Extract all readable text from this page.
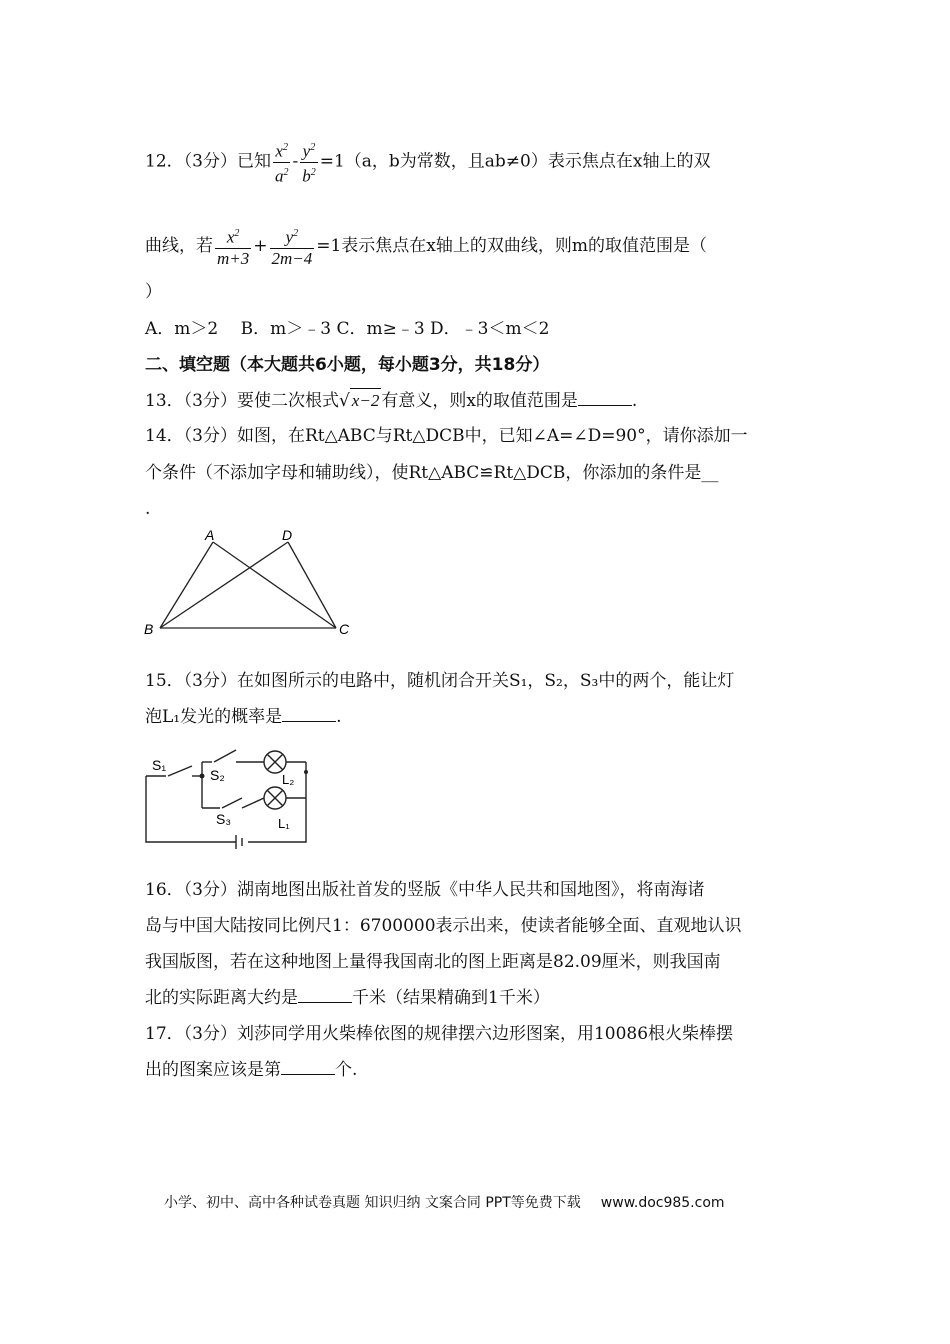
12．（3分）已知 $\frac{x^2}{a^2} - \frac{y^2}{b^2} =1(a$，b为常数，且ab≠0）表示焦点在x轴上的双
曲线，若 $\frac{x^2}{m+3} + \frac{y^2}{2m-4} =1$表示焦点在x轴上的双曲线，则m的取值范围是（
）
A．m＞2　 B．m＞﹣3 C．m≥﹣3 D．﹣3＜m＜2
二、填空题（本大题共6小题，每小题3分，共18分）
13．（3分）要使二次根式√ x−2 有意义，则x的取值范围是	.
14．（3分）如图，在Rt△ABC与Rt△DCB中，已知∠A=∠D=90°，请你添加一
个条件（不添加字母和辅助线），使Rt△ABC≌Rt△DCB，你添加的条件是__
.
A	D
B	C
15．（3分）在如图所示的电路中，随机闭合开关S₁，S₂，S₃中的两个，能让灯
泡L₁发光的概率是	.
S₁
S₂
S₃	L₁
L₂
16．（3分）湖南地图出版社首发的竖版《中华人民共和国地图》，将南海诸
岛与中国大陆按同比例尺1：6700000表示出来，使读者能够全面、直观地认识
我国版图，若在这种地图上量得我国南北的图上距离是82.09厘米，则我国南
北的实际距离大约是	千米（结果精确到1千米）
17．（3分）刘莎同学用火柴棒依图的规律摆六边形图案，用10086根火柴棒摆
出的图案应该是第	个.
小学、初中、高中各种试卷真题 知识归纳 文案合同 PPT等免费下载 www.doc985.com
